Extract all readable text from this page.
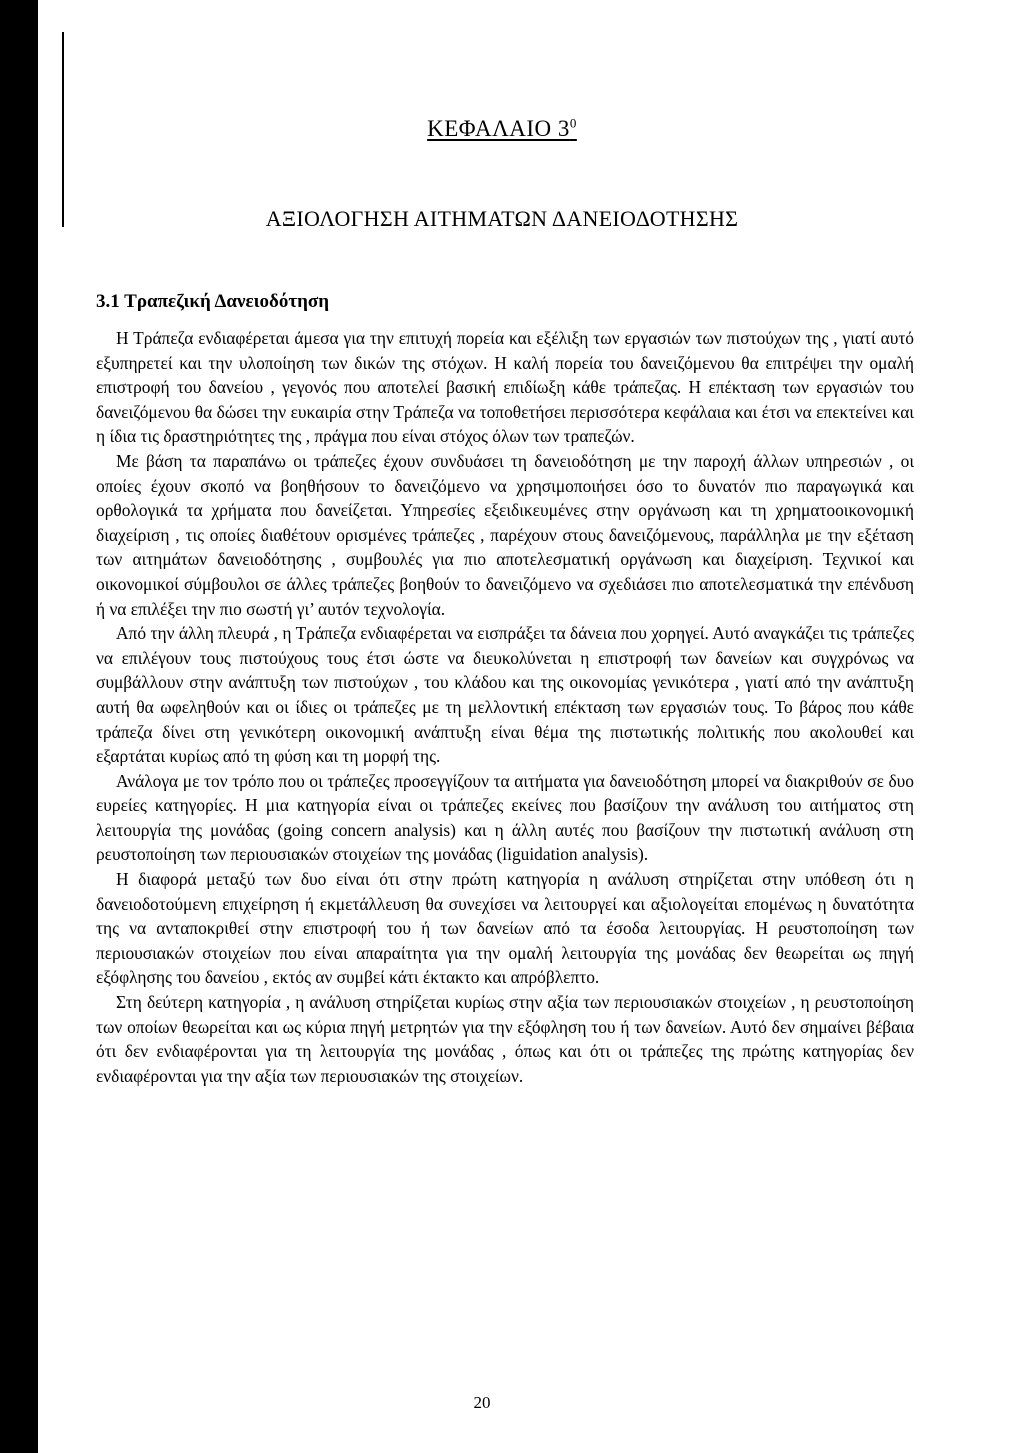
ΚΕΦΑΛΑΙΟ $3^0$
ΑΞΙΟΛΟΓΗΣΗ ΑΙΤΗΜΑΤΩΝ ΔΑΝΕΙΟΔΟΤΗΣΗΣ
3.1 Τραπεζική Δανειοδότηση

Η Τράπεζα ενδιαφέρεται άμεσα για την επιτυχή πορεία και εξέλιξη των εργασιών των πιστούχων της , γιατί αυτό εξυπηρετεί και την υλοποίηση των δικών της στόχων. Η καλή πορεία του δανειζόμενου θα επιτρέψει την ομαλή επιστροφή του δανείου , γεγονός που αποτελεί βασική επιδίωξη κάθε τράπεζας. Η επέκταση των εργασιών του δανειζόμενου θα δώσει την ευκαιρία στην Τράπεζα να τοποθετήσει περισσότερα κεφάλαια και έτσι να επεκτείνει και η ίδια τις δραστηριότητες της , πράγμα που είναι στόχος όλων των τραπεζών.

Με βάση τα παραπάνω οι τράπεζες έχουν συνδυάσει τη δανειοδότηση με την παροχή άλλων υπηρεσιών , οι οποίες έχουν σκοπό να βοηθήσουν το δανειζόμενο να χρησιμοποιήσει όσο το δυνατόν πιο παραγωγικά και ορθολογικά τα χρήματα που δανείζεται. Υπηρεσίες εξειδικευμένες στην οργάνωση και τη χρηματοοικονομική διαχείριση , τις οποίες διαθέτουν ορισμένες τράπεζες , παρέχουν στους δανειζόμενους, παράλληλα με την εξέταση των αιτημάτων δανειοδότησης , συμβουλές για πιο αποτελεσματική οργάνωση και διαχείριση. Τεχνικοί και οικονομικοί σύμβουλοι σε άλλες τράπεζες βοηθούν το δανειζόμενο να σχεδιάσει πιο αποτελεσματικά την επένδυση ή να επιλέξει την πιο σωστή γι’ αυτόν τεχνολογία.

Από την άλλη πλευρά , η Τράπεζα ενδιαφέρεται να εισπράξει τα δάνεια που χορηγεί. Αυτό αναγκάζει τις τράπεζες να επιλέγουν τους πιστούχους τους έτσι ώστε να διευκολύνεται η επιστροφή των δανείων και συγχρόνως να συμβάλλουν στην ανάπτυξη των πιστούχων , του κλάδου και της οικονομίας γενικότερα , γιατί από την ανάπτυξη αυτή θα ωφεληθούν και οι ίδιες οι τράπεζες με τη μελλοντική επέκταση των εργασιών τους. Το βάρος που κάθε τράπεζα δίνει στη γενικότερη οικονομική ανάπτυξη είναι θέμα της πιστωτικής πολιτικής που ακολουθεί και εξαρτάται κυρίως από τη φύση και τη μορφή της.

Ανάλογα με τον τρόπο που οι τράπεζες προσεγγίζουν τα αιτήματα για δανειοδότηση μπορεί να διακριθούν σε δυο ευρείες κατηγορίες. Η μια κατηγορία είναι οι τράπεζες εκείνες που βασίζουν την ανάλυση του αιτήματος στη λειτουργία της μονάδας (going concern analysis) και η άλλη αυτές που βασίζουν την πιστωτική ανάλυση στη ρευστοποίηση των περιουσιακών στοιχείων της μονάδας (liguidation analysis).

Η διαφορά μεταξύ των δυο είναι ότι στην πρώτη κατηγορία η ανάλυση στηρίζεται στην υπόθεση ότι η δανειοδοτούμενη επιχείρηση ή εκμετάλλευση θα συνεχίσει να λειτουργεί και αξιολογείται επομένως η δυνατότητα της να ανταποκριθεί στην επιστροφή του ή των δανείων από τα έσοδα λειτουργίας. Η ρευστοποίηση των περιουσιακών στοιχείων που είναι απαραίτητα για την ομαλή λειτουργία της μονάδας δεν θεωρείται ως πηγή εξόφλησης του δανείου , εκτός αν συμβεί κάτι έκτακτο και απρόβλεπτο.

Στη δεύτερη κατηγορία , η ανάλυση στηρίζεται κυρίως στην αξία των περιουσιακών στοιχείων , η ρευστοποίηση των οποίων θεωρείται και ως κύρια πηγή μετρητών για την εξόφληση του ή των δανείων. Αυτό δεν σημαίνει βέβαια ότι δεν ενδιαφέρονται για τη λειτουργία της μονάδας , όπως και ότι οι τράπεζες της πρώτης κατηγορίας δεν ενδιαφέρονται για την αξία των περιουσιακών της στοιχείων.

20
